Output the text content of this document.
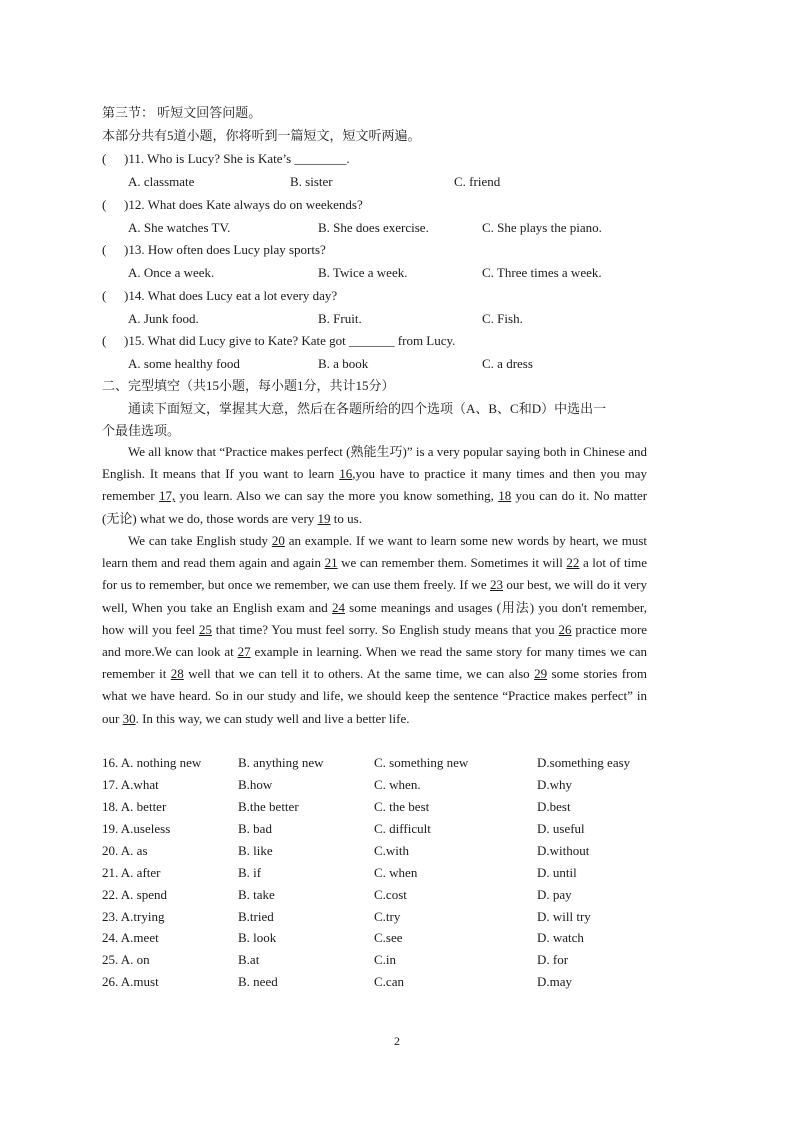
第三节： 听短文回答问题。
本部分共有5道小题，你将听到一篇短文，短文听两遍。
( )11. Who is Lucy? She is Kate’s ________.
A. classmate	B. sister	C. friend
( )12. What does Kate always do on weekends?
A. She watches TV.	B. She does exercise.	C. She plays the piano.
( )13. How often does Lucy play sports?
A. Once a week.	B. Twice a week.	C. Three times a week.
( )14. What does Lucy eat a lot every day?
A. Junk food.	B. Fruit.	C. Fish.
( )15. What did Lucy give to Kate? Kate got _______ from Lucy.
A. some healthy food	B. a book	C. a dress
二、完型填空（共15小题，每小题1分，共计15分）
通读下面短文，掌握其大意，然后在各题所给的四个选项（A、B、C和D）中选出一
个最佳选项。
We all know that “Practice makes perfect (熟能生巧)” is a very popular saying both in Chinese and English. It means that If you want to learn 16,you have to practice it many times and then you may remember 17, you learn. Also we can say the more you know something, 18 you can do it. No matter (无论) what we do, those words are very 19 to us.
We can take English study 20 an example. If we want to learn some new words by heart, we must learn them and read them again and again 21 we can remember them. Sometimes it will 22 a lot of time for us to remember, but once we remember, we can use them freely. If we 23 our best, we will do it very well, When you take an English exam and 24 some meanings and usages (用法) you don't remember, how will you feel 25 that time? You must feel sorry. So English study means that you 26 practice more and more.We can look at 27 example in learning. When we read the same story for many times we can remember it 28 well that we can tell it to others. At the same time, we can also 29 some stories from what we have heard. So in our study and life, we should keep the sentence “Practice makes perfect” in our 30. In this way, we can study well and live a better life.
16. A. nothing new	B. anything new	C. something new	D.something easy
17. A.what	B.how	C. when.	D.why
18. A. better	B.the better	C. the best	D.best
19. A.useless	B. bad	C. difficult	D. useful
20. A. as	B. like	C.with	D.without
21. A. after	B. if	C. when	D. until
22. A. spend	B. take	C.cost	D. pay
23. A.trying	B.tried	C.try	D. will try
24. A.meet	B. look	C.see	D. watch
25. A. on	B.at	C.in	D. for
26. A.must	B. need	C.can	D.may
2
